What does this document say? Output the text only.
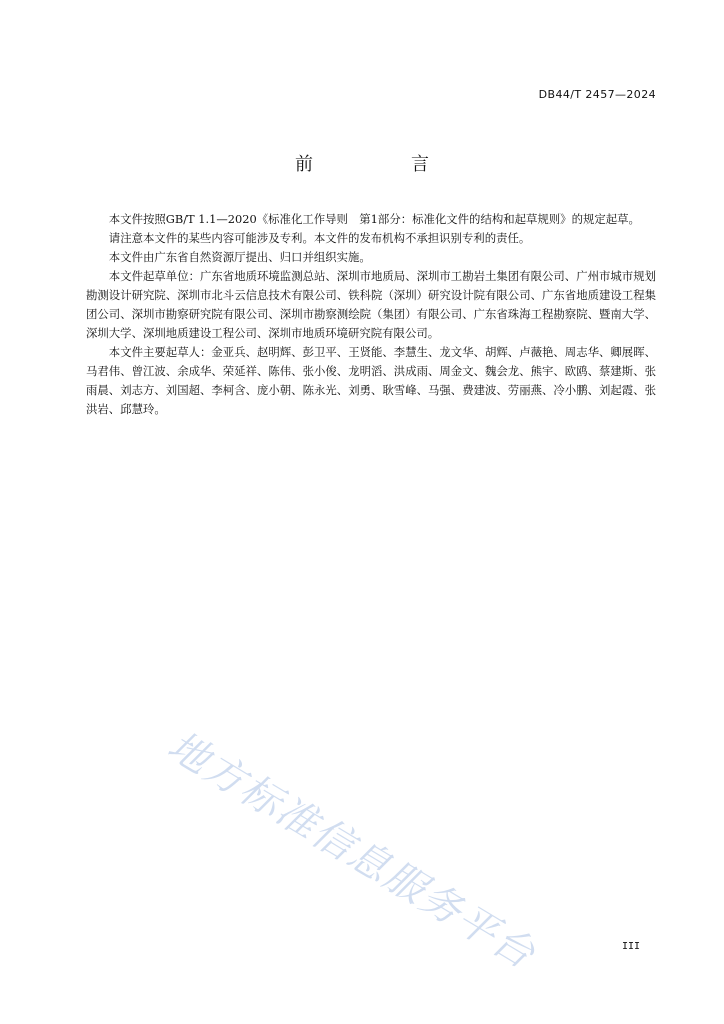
DB44/T 2457—2024
前　言

本文件按照GB/T 1.1—2020《标准化工作导则　第1部分：标准化文件的结构和起草规则》的规定起草。

请注意本文件的某些内容可能涉及专利。本文件的发布机构不承担识别专利的责任。

本文件由广东省自然资源厅提出、归口并组织实施。

本文件起草单位：广东省地质环境监测总站、深圳市地质局、深圳市工勘岩土集团有限公司、广州市城市规划勘测设计研究院、深圳市北斗云信息技术有限公司、铁科院（深圳）研究设计院有限公司、广东省地质建设工程集团公司、深圳市勘察研究院有限公司、深圳市勘察测绘院（集团）有限公司、广东省珠海工程勘察院、暨南大学、深圳大学、深圳地质建设工程公司、深圳市地质环境研究院有限公司。

本文件主要起草人：金亚兵、赵明辉、彭卫平、王贤能、李慧生、龙文华、胡辉、卢薇艳、周志华、卿展晖、马君伟、曾江波、余成华、荣延祥、陈伟、张小俊、龙明滔、洪成雨、周金文、魏会龙、熊宇、欧鸥、蔡建斯、张雨晨、刘志方、刘国超、李柯含、庞小朝、陈永光、刘勇、耿雪峰、马强、费建波、劳丽燕、冷小鹏、刘起霞、张洪岩、邱慧玲。

地方标准信息服务平台	III
